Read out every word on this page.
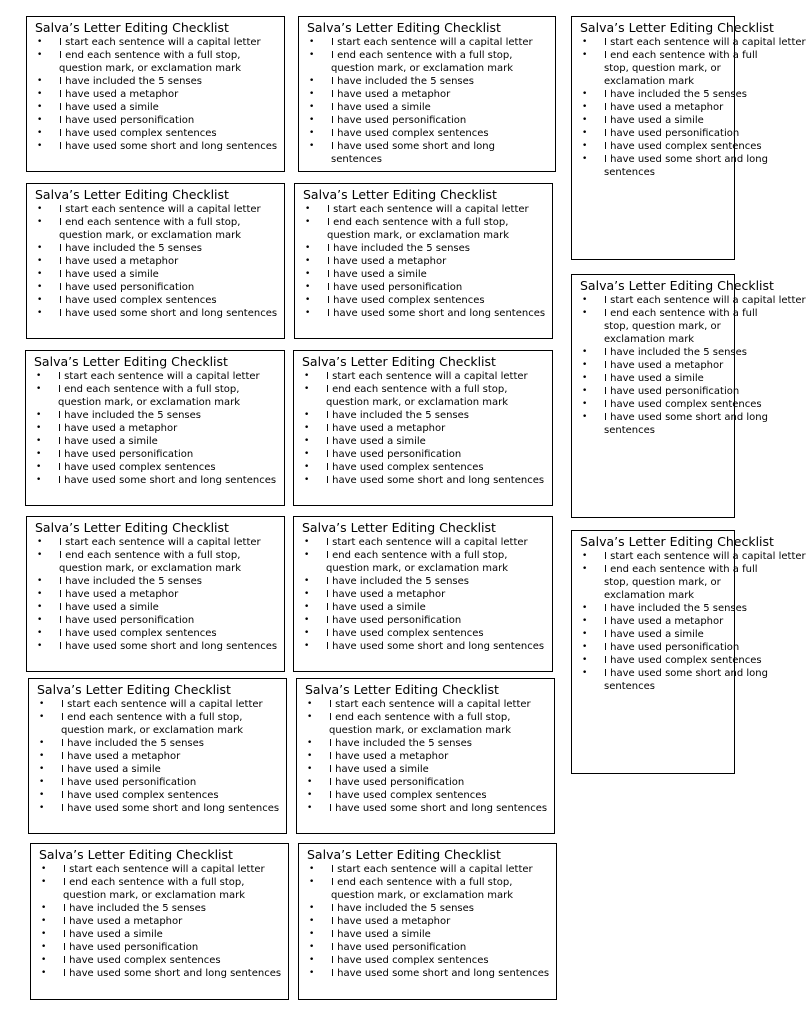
Salva’s Letter Editing Checklist
• I start each sentence will a capital letter
• I end each sentence with a full stop, question mark, or exclamation mark
• I have included the 5 senses
• I have used a metaphor
• I have used a simile
• I have used personification
• I have used complex sentences
• I have used some short and long sentences
Salva’s Letter Editing Checklist
• I start each sentence will a capital letter
• I end each sentence with a full stop, question mark, or exclamation mark
• I have included the 5 senses
• I have used a metaphor
• I have used a simile
• I have used personification
• I have used complex sentences
• I have used some short and long sentences
Salva’s Letter Editing Checklist
• I start each sentence will a capital letter
• I end each sentence with a full stop, question mark, or exclamation mark
• I have included the 5 senses
• I have used a metaphor
• I have used a simile
• I have used personification
• I have used complex sentences
• I have used some short and long sentences
Salva’s Letter Editing Checklist
• I start each sentence will a capital letter
• I end each sentence with a full stop, question mark, or exclamation mark
• I have included the 5 senses
• I have used a metaphor
• I have used a simile
• I have used personification
• I have used complex sentences
• I have used some short and long sentences
Salva’s Letter Editing Checklist
• I start each sentence will a capital letter
• I end each sentence with a full stop, question mark, or exclamation mark
• I have included the 5 senses
• I have used a metaphor
• I have used a simile
• I have used personification
• I have used complex sentences
• I have used some short and long sentences
Salva’s Letter Editing Checklist
• I start each sentence will a capital letter
• I end each sentence with a full stop, question mark, or exclamation mark
• I have included the 5 senses
• I have used a metaphor
• I have used a simile
• I have used personification
• I have used complex sentences
• I have used some short and long sentences
Salva’s Letter Editing Checklist
• I start each sentence will a capital letter
• I end each sentence with a full stop, question mark, or exclamation mark
• I have included the 5 senses
• I have used a metaphor
• I have used a simile
• I have used personification
• I have used complex sentences
• I have used some short and long sentences
Salva’s Letter Editing Checklist
• I start each sentence will a capital letter
• I end each sentence with a full stop, question mark, or exclamation mark
• I have included the 5 senses
• I have used a metaphor
• I have used a simile
• I have used personification
• I have used complex sentences
• I have used some short and long sentences
Salva’s Letter Editing Checklist
• I start each sentence will a capital letter
• I end each sentence with a full stop, question mark, or exclamation mark
• I have included the 5 senses
• I have used a metaphor
• I have used a simile
• I have used personification
• I have used complex sentences
• I have used some short and long sentences
Salva’s Letter Editing Checklist
• I start each sentence will a capital letter
• I end each sentence with a full stop, question mark, or exclamation mark
• I have included the 5 senses
• I have used a metaphor
• I have used a simile
• I have used personification
• I have used complex sentences
• I have used some short and long sentences
Salva’s Letter Editing Checklist
• I start each sentence will a capital letter
• I end each sentence with a full stop, question mark, or exclamation mark
• I have included the 5 senses
• I have used a metaphor
• I have used a simile
• I have used personification
• I have used complex sentences
• I have used some short and long sentences
Salva’s Letter Editing Checklist
• I start each sentence will a capital letter
• I end each sentence with a full stop, question mark, or exclamation mark
• I have included the 5 senses
• I have used a metaphor
• I have used a simile
• I have used personification
• I have used complex sentences
• I have used some short and long sentences
Salva’s Letter Editing Checklist
• I start each sentence will a capital letter
• I end each sentence with a full stop, question mark, or exclamation mark
• I have included the 5 senses
• I have used a metaphor
• I have used a simile
• I have used personification
• I have used complex sentences
• I have used some short and long sentences
Salva’s Letter Editing Checklist
• I start each sentence will a capital letter
• I end each sentence with a full stop, question mark, or exclamation mark
• I have included the 5 senses
• I have used a metaphor
• I have used a simile
• I have used personification
• I have used complex sentences
• I have used some short and long sentences
Salva’s Letter Editing Checklist
• I start each sentence will a capital letter
• I end each sentence with a full stop, question mark, or exclamation mark
• I have included the 5 senses
• I have used a metaphor
• I have used a simile
• I have used personification
• I have used complex sentences
• I have used some short and long sentences
